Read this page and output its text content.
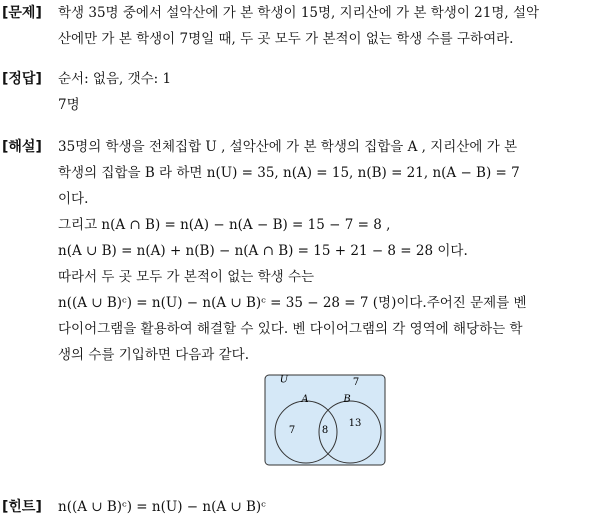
[문제] 학생 35명 중에서 설악산에 가 본 학생이 15명, 지리산에 가 본 학생이 21명, 설악
산에만 가 본 학생이 7명일 때, 두 곳 모두 가 본적이 없는 학생 수를 구하여라.
[정답] 순서: 없음, 갯수: 1
7명
[해설] 35명의 학생을 전체집합 U , 설악산에 가 본 학생의 집합을 A , 지리산에 가 본
학생의 집합을 B 라 하면 n(U) = 35, n(A) = 15, n(B) = 21, n(A − B) = 7
이다.
그리고 n(A ∩ B) = n(A) − n(A − B) = 15 − 7 = 8 ,
n(A ∪ B) = n(A) + n(B) − n(A ∩ B) = 15 + 21 − 8 = 28 이다.
따라서 두 곳 모두 가 본적이 없는 학생 수는
n((A ∪ B)ᶜ) = n(U) − n(A ∪ B)ᶜ = 35 − 28 = 7 (명)이다.주어진 문제를 벤
다이어그램을 활용하여 해결할 수 있다. 벤 다이어그램의 각 영역에 해당하는 학
생의 수를 기입하면 다음과 같다.
U	7
A	B
7	8
13
[힌트] n((A ∪ B)ᶜ) = n(U) − n(A ∪ B)ᶜ
